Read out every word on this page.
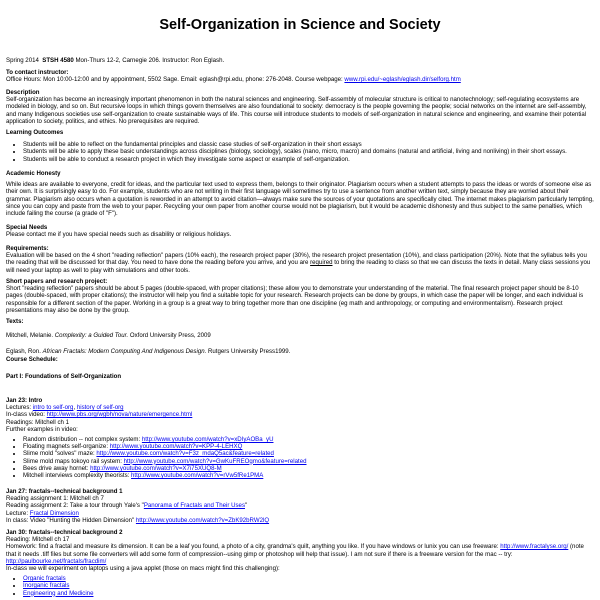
Self-Organization in Science and Society
Spring 2014 STSH 4580 Mon-Thurs 12-2, Carnegie 206. Instructor: Ron Eglash.
To contact instructor:
Office Hours: Mon 10:00-12:00 and by appointment, 5502 Sage. Email: eglash@rpi.edu, phone: 276-2048. Course webpage: www.rpi.edu/~eglash/eglash.dir/selforg.htm
Description

Self-organization has become an increasingly important phenomenon in both the natural sciences and engineering. Self-assembly of molecular structure is critical to nanotechnology; self-regulating ecosystems are modeled in biology, and so on. But recursive loops in which things govern themselves are also foundational to society: democracy is the people governing the people; social networks on the internet are self-assembly, and many Indigenous societies use self-organization to create sustainable ways of life. This course will introduce students to models of self-organization in natural science and engineering, and examine their potential application to society, politics, and ethics. No prerequisites are required.

Learning Outcomes
• Students will be able to reflect on the fundamental principles and classic case studies of self-organization in their short essays
• Students will be able to apply these basic understandings across disciplines (biology, sociology), scales (nano, micro, macro) and domains (natural and artificial, living and nonliving) in their short essays.
• Students will be able to conduct a research project in which they investigate some aspect or example of self-organization.
Academic Honesty

While ideas are available to everyone, credit for ideas, and the particular text used to express them, belongs to their originator. Plagiarism occurs when a student attempts to pass the ideas or words of someone else as their own. It is surprisingly easy to do. For example, students who are not writing in their first language will sometimes try to use a sentence from another written text, simply because they are worried about their grammar. Plagiarism also occurs when a quotation is reworded in an attempt to avoid citation—always make sure the sources of your quotations are specifically cited. The internet makes plagiarism particularly tempting, since you can copy and paste from the web to your paper. Recycling your own paper from another course would not be plagiarism, but it would be academic dishonesty and thus subject to the same penalties, which include failing the course (a grade of "F").

Special Needs

Please contact me if you have special needs such as disability or religious holidays.

Requirements:

Evaluation will be based on the 4 short "reading reflection" papers (10% each), the research project paper (30%), the research project presentation (10%), and class participation (20%). Note that the syllabus tells you the reading that will be discussed for that day. You need to have done the reading before you arrive, and you are required to bring the reading to class so that we can discuss the texts in detail. Many class sessions you will need your laptop as well to play with simulations and other tools.

Short papers and research project:

Short "reading reflection" papers should be about 5 pages (double-spaced, with proper citations); these allow you to demonstrate your understanding of the material. The final research project paper should be 8-10 pages (double-spaced, with proper citations); the instructor will help you find a suitable topic for your research. Research projects can be done by groups, in which case the paper will be longer, and each individual is responsible for a different section of the paper. Working in a group is a great way to bring together more than one discipline (eg math and anthropology, or computing and environmentalism). Research project presentations may also be done by the group.

Texts:

Mitchell, Melanie. Complexity: a Guided Tour. Oxford University Press, 2009

Eglash, Ron. African Fractals: Modern Computing And Indigenous Design. Rutgers University Press1999.

Course Schedule:
Part I: Foundations of Self-Organization
Jan 23: Intro
Lectures: intro to self-org, history of self-org
In-class video: http://www.pbs.org/wgbh/nova/nature/emergence.html
Readings: Mitchell ch 1
Further examples in video:
• Random distribution -- not complex system: http://www.youtube.com/watch?v=xDIyAOBa_yU
• Floating magnets self-organize: http://www.youtube.com/watch?v=KPP-4-LEHXQ
• Slime mold "solves" maze: http://www.youtube.com/watch?v=F3z_mdaQ5ac&feature=related
• Slime mold maps tokoyo rail system: http://www.youtube.com/watch?v=GwKuFREOgmo&feature=related
• Bees drive away hornet: http://www.youtube.com/watch?v=X7i75XUQ8-M
• Mitchell interviews complexity theorists: http://www.youtube.com/watch?v=rVw5fRe1PMA
Jan 27: fractals--technical background 1
Reading assignment 1: Mitchell ch 7
Reading assignment 2: Take a tour through Yale's "Panorama of Fractals and Their Uses"
Lecture: Fractal Dimension
In class: Video "Hunting the Hidden Dimension" http://www.youtube.com/watch?v=ZbK92bRW2lQ
Jan 30: fractals--technical background 2
Reading: Mitchell ch 17

Homework: find a fractal and measure its dimension. It can be a leaf you found, a photo of a city, grandma's quilt, anything you like. If you have windows or lunix you can use freeware: http://www.fractalyse.org/ (note that it needs .tiff files but some file converters will add some form of compression--using gimp or photoshop will help that issue). I am not sure if there is a freeware version for the mac -- try: http://paulbourke.net/fractals/fracdim/

In-class we will experiment on laptops using a java applet (those on macs might find this challenging):
• Organic fractals
• Inorganic fractals
• Engineering and Medicine
